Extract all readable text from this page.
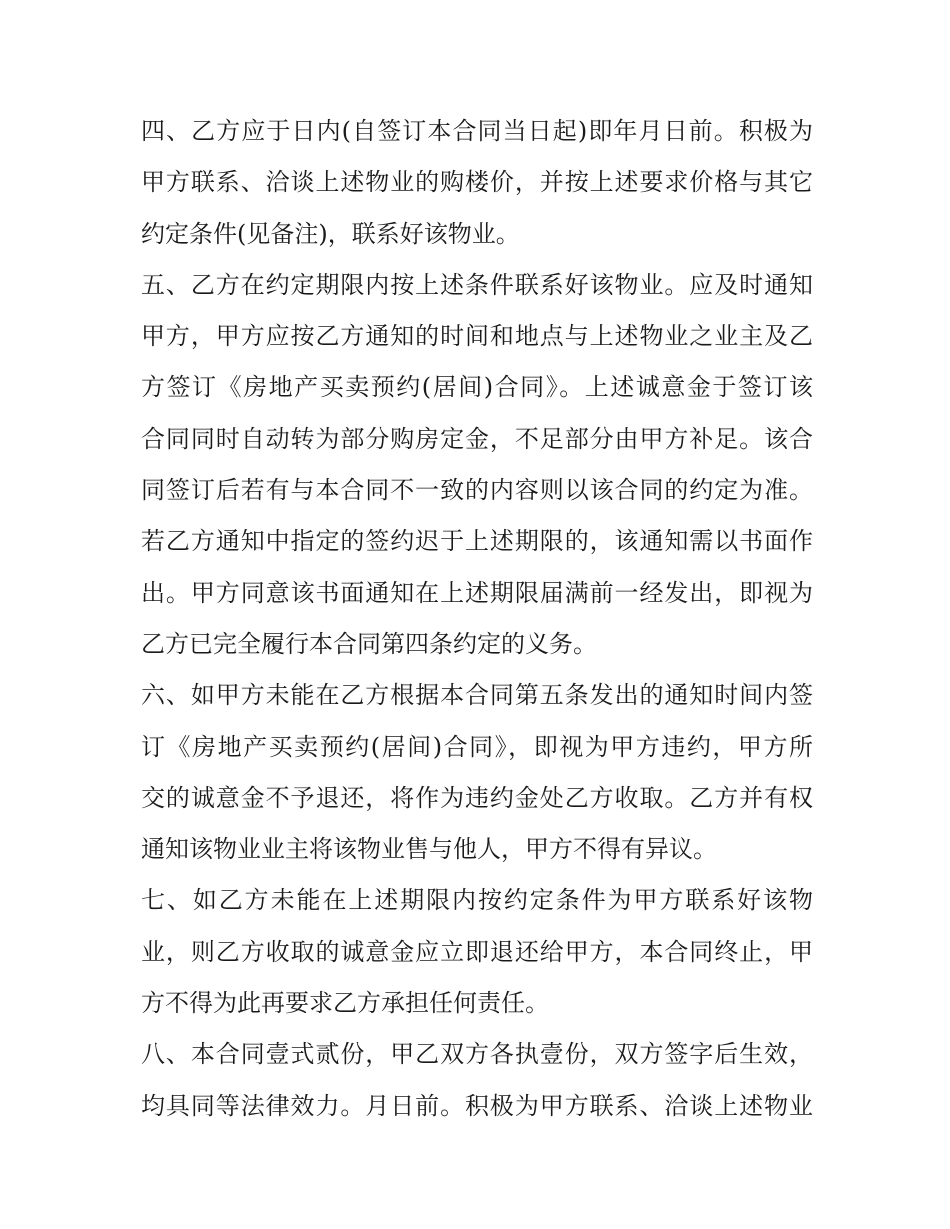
四、乙方应于日内(自签订本合同当日起)即年月日前。积极为
甲方联系、洽谈上述物业的购楼价，并按上述要求价格与其它
约定条件(见备注)，联系好该物业。
五、乙方在约定期限内按上述条件联系好该物业。应及时通知
甲方，甲方应按乙方通知的时间和地点与上述物业之业主及乙
方签订《房地产买卖预约(居间)合同》。上述诚意金于签订该
合同同时自动转为部分购房定金，不足部分由甲方补足。该合
同签订后若有与本合同不一致的内容则以该合同的约定为准。
若乙方通知中指定的签约迟于上述期限的，该通知需以书面作
出。甲方同意该书面通知在上述期限届满前一经发出，即视为
乙方已完全履行本合同第四条约定的义务。
六、如甲方未能在乙方根据本合同第五条发出的通知时间内签
订《房地产买卖预约(居间)合同》，即视为甲方违约，甲方所
交的诚意金不予退还，将作为违约金处乙方收取。乙方并有权
通知该物业业主将该物业售与他人，甲方不得有异议。
七、如乙方未能在上述期限内按约定条件为甲方联系好该物
业，则乙方收取的诚意金应立即退还给甲方，本合同终止，甲
方不得为此再要求乙方承担任何责任。
八、本合同壹式贰份，甲乙双方各执壹份，双方签字后生效，
均具同等法律效力。月日前。积极为甲方联系、洽谈上述物业
